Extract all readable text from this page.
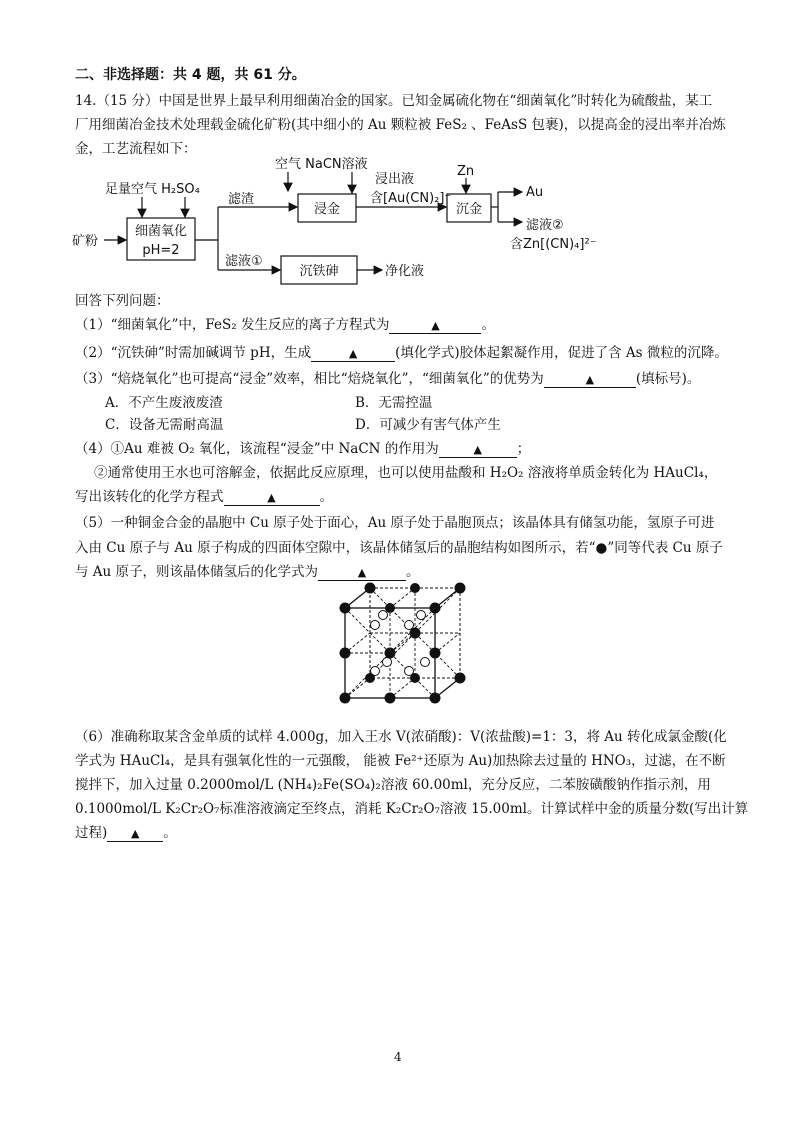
二、非选择题：共 4 题，共 61 分。
14.（15 分）中国是世界上最早利用细菌冶金的国家。已知金属硫化物在“细菌氧化”时转化为硫酸盐，某工
厂用细菌冶金技术处理载金硫化矿粉(其中细小的 Au 颗粒被 FeS₂ 、FeAsS 包裹)，以提高金的浸出率并冶炼
金，工艺流程如下：
矿粉
细菌氧化
pH=2
足量空气 H₂SO₄
滤渣
浸金
空气 NaCN溶液
浸出液
含[Au(CN)₂]⁻
沉金
Zn
Au
滤液②
含Zn[(CN)₄]²⁻
滤液①
沉铁砷	净化液
回答下列问题：
（1）“细菌氧化”中，FeS₂ 发生反应的离子方程式为	▲	。
（2）“沉铁砷”时需加碱调节 pH，生成	▲	(填化学式)胶体起絮凝作用，促进了含 As 微粒的沉降。
（3）“焙烧氧化”也可提高“浸金”效率，相比“焙烧氧化”，“细菌氧化”的优势为	▲	(填标号)。
A．不产生废液废渣	B．无需控温
C．设备无需耐高温	D．可减少有害气体产生
（4）①Au 难被 O₂ 氧化，该流程“浸金”中 NaCN 的作用为	▲	；
②通常使用王水也可溶解金，依据此反应原理，也可以使用盐酸和 H₂O₂ 溶液将单质金转化为 HAuCl₄，
写出该转化的化学方程式	▲	。
（5）一种铜金合金的晶胞中 Cu 原子处于面心，Au 原子处于晶胞顶点；该晶体具有储氢功能，氢原子可进
入由 Cu 原子与 Au 原子构成的四面体空隙中，该晶体储氢后的晶胞结构如图所示，若“●”同等代表 Cu 原子
与 Au 原子，则该晶体储氢后的化学式为	▲	。
（6）准确称取某含金单质的试样 4.000g，加入王水 V(浓硝酸)：V(浓盐酸)=1：3，将 Au 转化成氯金酸(化
学式为 HAuCl₄，是具有强氧化性的一元强酸， 能被 Fe²⁺还原为 Au)加热除去过量的 HNO₃，过滤，在不断
搅拌下，加入过量 0.2000mol/L (NH₄)₂Fe(SO₄)₂溶液 60.00ml，充分反应，二苯胺磺酸钠作指示剂，用
0.1000mol/L K₂Cr₂O₇标准溶液滴定至终点，消耗 K₂Cr₂O₇溶液 15.00ml。计算试样中金的质量分数(写出计算
过程) ▲ 。
4
